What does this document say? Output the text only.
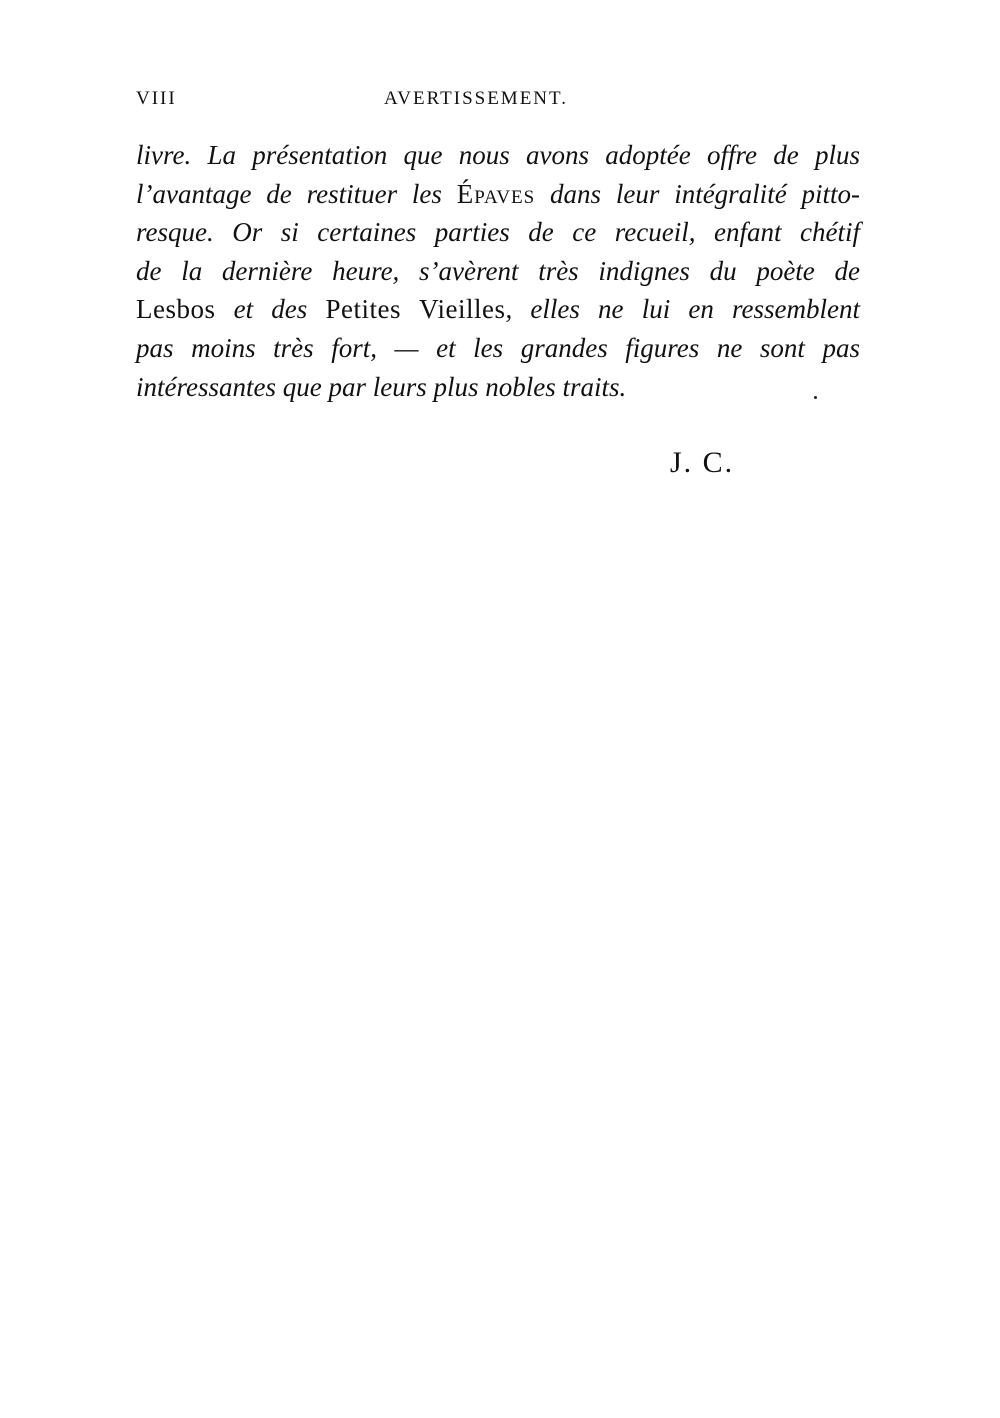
VIII	AVERTISSEMENT.
livre. La présentation que nous avons adoptée offre de plus
l’avantage de restituer les Épaves dans leur intégralité pitto-
resque. Or si certaines parties de ce recueil, enfant chétif
de la dernière heure, s’avèrent très indignes du poète de
Lesbos et des Petites Vieilles, elles ne lui en ressemblent
pas moins très fort, — et les grandes figures ne sont pas
intéressantes que par leurs plus nobles traits.
J. C.
